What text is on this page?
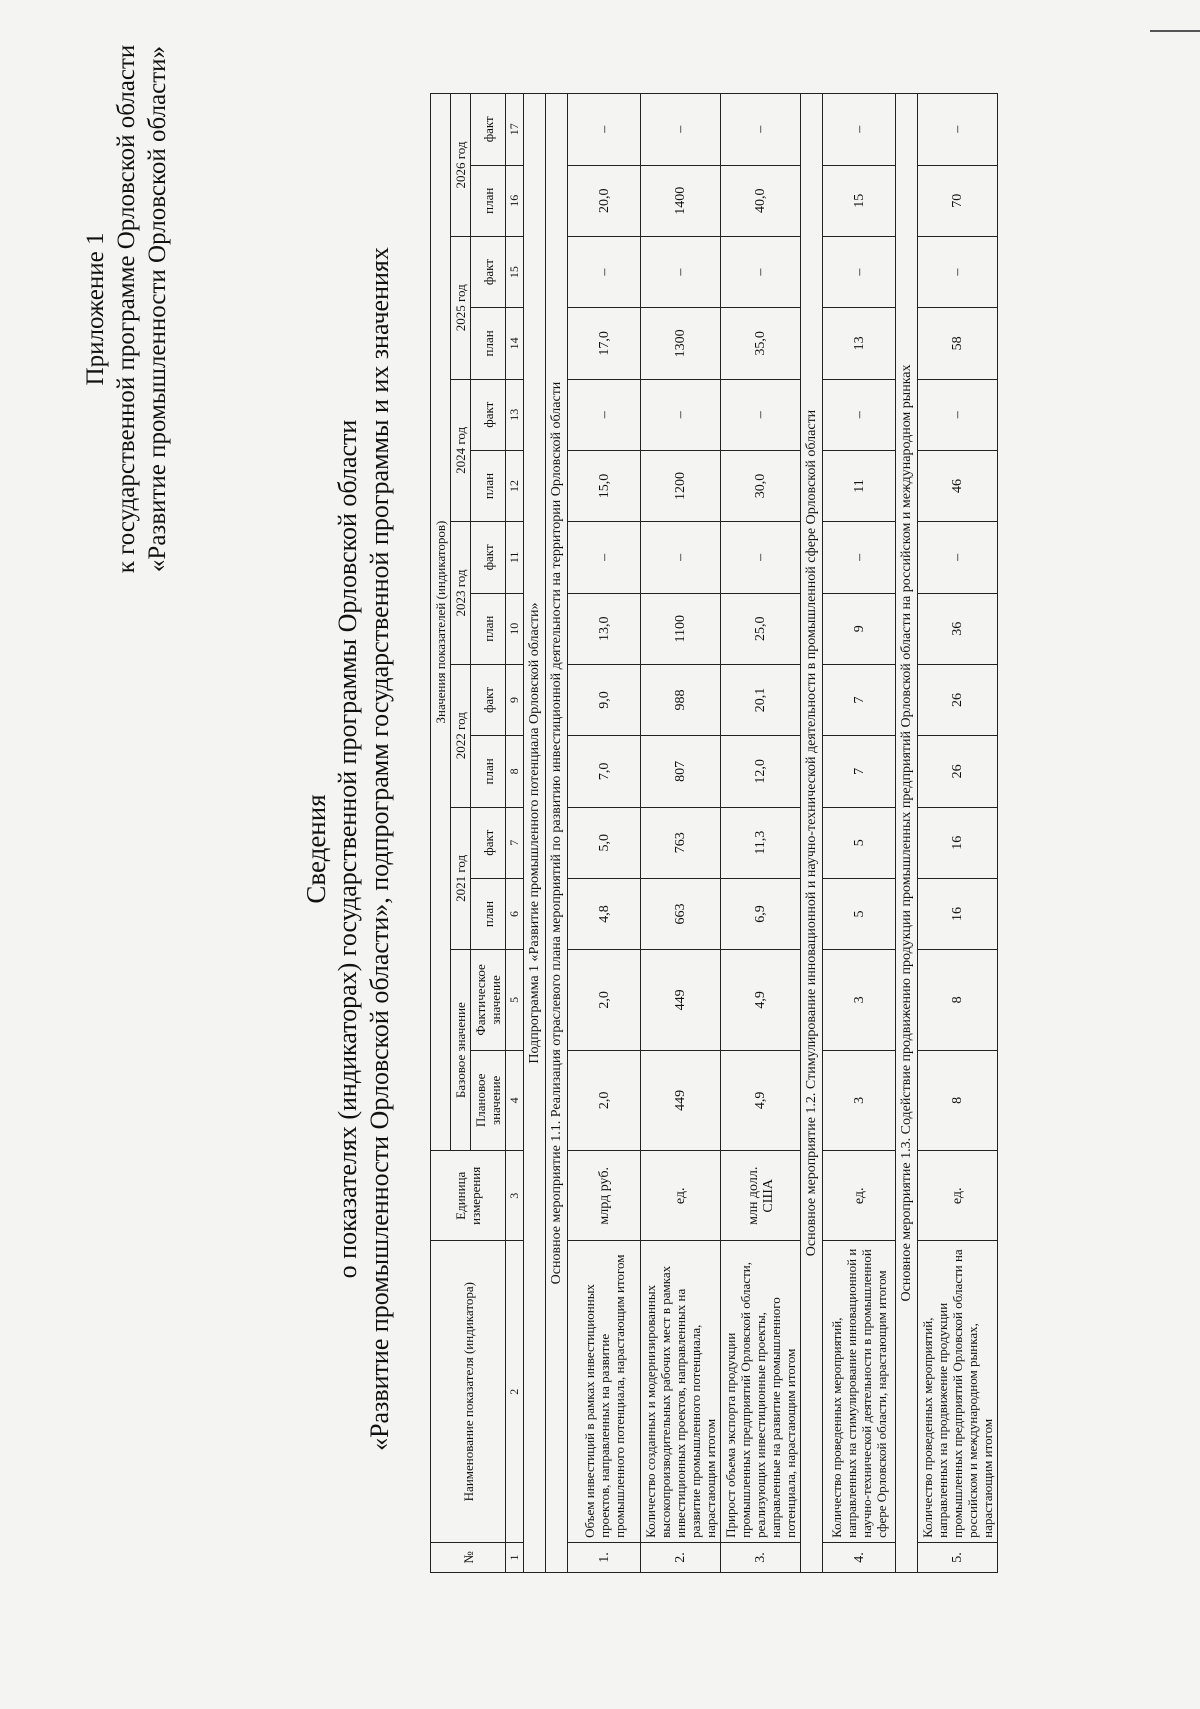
Приложение 1 к государственной программе Орловской области «Развитие промышленности Орловской области»
Сведения о показателях (индикаторах) государственной программы Орловской области «Развитие промышленности Орловской области», подпрограмм государственной программы и их значениях
№	Наименование показателя (индикатора)	Единица измерения	Значения показателей (индикаторов)													
			Базовое значение		2021 год		2022 год		2023 год		2024 год		2025 год		2026 год	
			Плановое значение	Фактическое значение	план	факт	план	факт	план	факт	план	факт	план	факт	план	факт
1	2	3	4	5	6	7	8	9	10	11	12	13	14	15	16	17
Подпрограмма 1 «Развитие промышленного потенциала Орловской области»																
Основное мероприятие 1.1. Реализация отраслевого плана мероприятий по развитию инвестиционной деятельности на территории Орловской области																
1.	Объем инвестиций в рамках инвестиционных проектов, направленных на развитие промышленного потенциала, нарастающим итогом	млрд руб.	2,0	2,0	4,8	5,0	7,0	9,0	13,0	–	15,0	–	17,0	–	20,0	–
2.	Количество созданных и модернизированных высокопроизводительных рабочих мест в рамках инвестиционных проектов, направленных на развитие промышленного потенциала, нарастающим итогом	ед.	449	449	663	763	807	988	1100	–	1200	–	1300	–	1400	–
3.	Прирост объема экспорта продукции промышленных предприятий Орловской области, реализующих инвестиционные проекты, направленные на развитие промышленного потенциала, нарастающим итогом	млн долл. США	4,9	4,9	6,9	11,3	12,0	20,1	25,0	–	30,0	–	35,0	–	40,0	–
Основное мероприятие 1.2. Стимулирование инновационной и научно-технической деятельности в промышленной сфере Орловской области																
4.	Количество проведенных мероприятий, направленных на стимулирование инновационной и научно-технической деятельности в промышленной сфере Орловской области, нарастающим итогом	ед.	3	3	5	5	7	7	9	–	11	–	13	–	15	–
Основное мероприятие 1.3. Содействие продвижению продукции промышленных предприятий Орловской области на российском и международном рынках																
5.	Количество проведенных мероприятий, направленных на продвижение продукции промышленных предприятий Орловской области на российском и международном рынках, нарастающим итогом	ед.	8	8	16	16	26	26	36	–	46	–	58	–	70	–
